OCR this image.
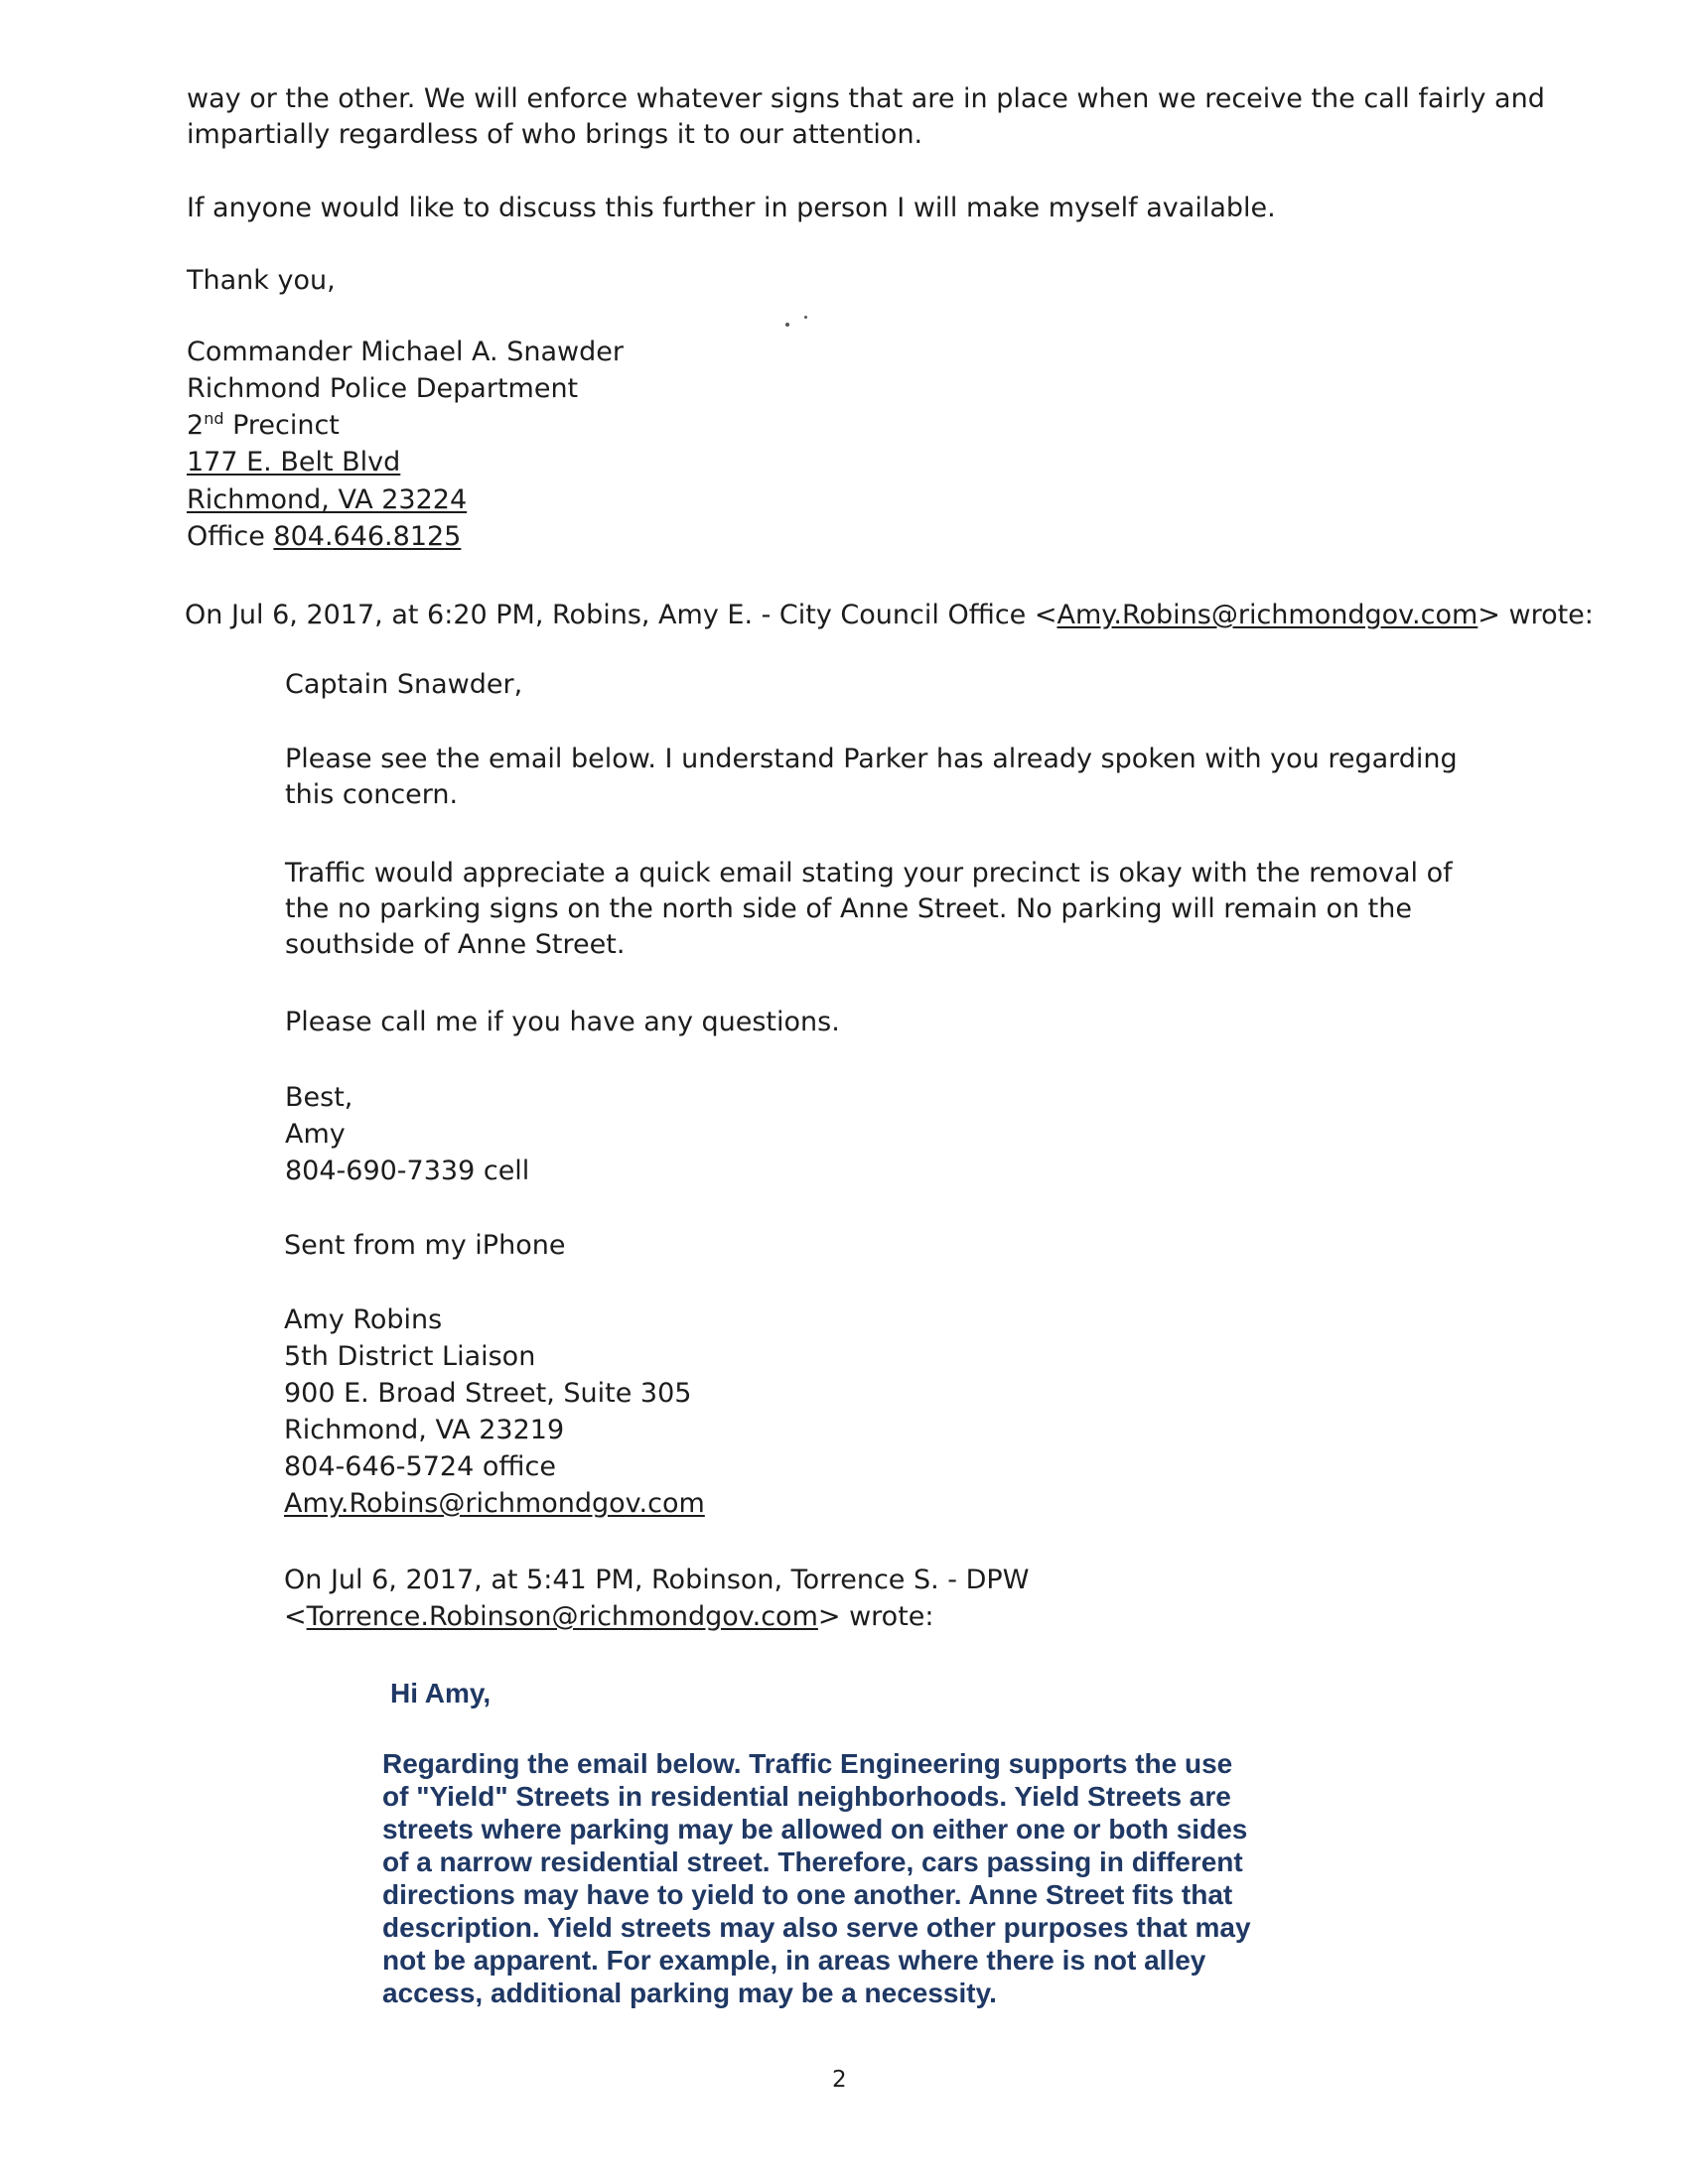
way or the other. We will enforce whatever signs that are in place when we receive the call fairly and
impartially regardless of who brings it to our attention.
If anyone would like to discuss this further in person I will make myself available.
Thank you,
Commander Michael A. Snawder
Richmond Police Department
2nd Precinct
177 E. Belt Blvd
Richmond, VA 23224
Office 804.646.8125
On Jul 6, 2017, at 6:20 PM, Robins, Amy E. - City Council Office <Amy.Robins@richmondgov.com> wrote:
Captain Snawder,
Please see the email below. I understand Parker has already spoken with you regarding
this concern.
Traffic would appreciate a quick email stating your precinct is okay with the removal of
the no parking signs on the north side of Anne Street. No parking will remain on the
southside of Anne Street.
Please call me if you have any questions.
Best,
Amy
804-690-7339 cell
Sent from my iPhone
Amy Robins
5th District Liaison
900 E. Broad Street, Suite 305
Richmond, VA 23219
804-646-5724 office
Amy.Robins@richmondgov.com
On Jul 6, 2017, at 5:41 PM, Robinson, Torrence S. - DPW
<Torrence.Robinson@richmondgov.com> wrote:
Hi Amy,
Regarding the email below. Traffic Engineering supports the use
of "Yield" Streets in residential neighborhoods. Yield Streets are
streets where parking may be allowed on either one or both sides
of a narrow residential street. Therefore, cars passing in different
directions may have to yield to one another. Anne Street fits that
description. Yield streets may also serve other purposes that may
not be apparent. For example, in areas where there is not alley
access, additional parking may be a necessity.
2
